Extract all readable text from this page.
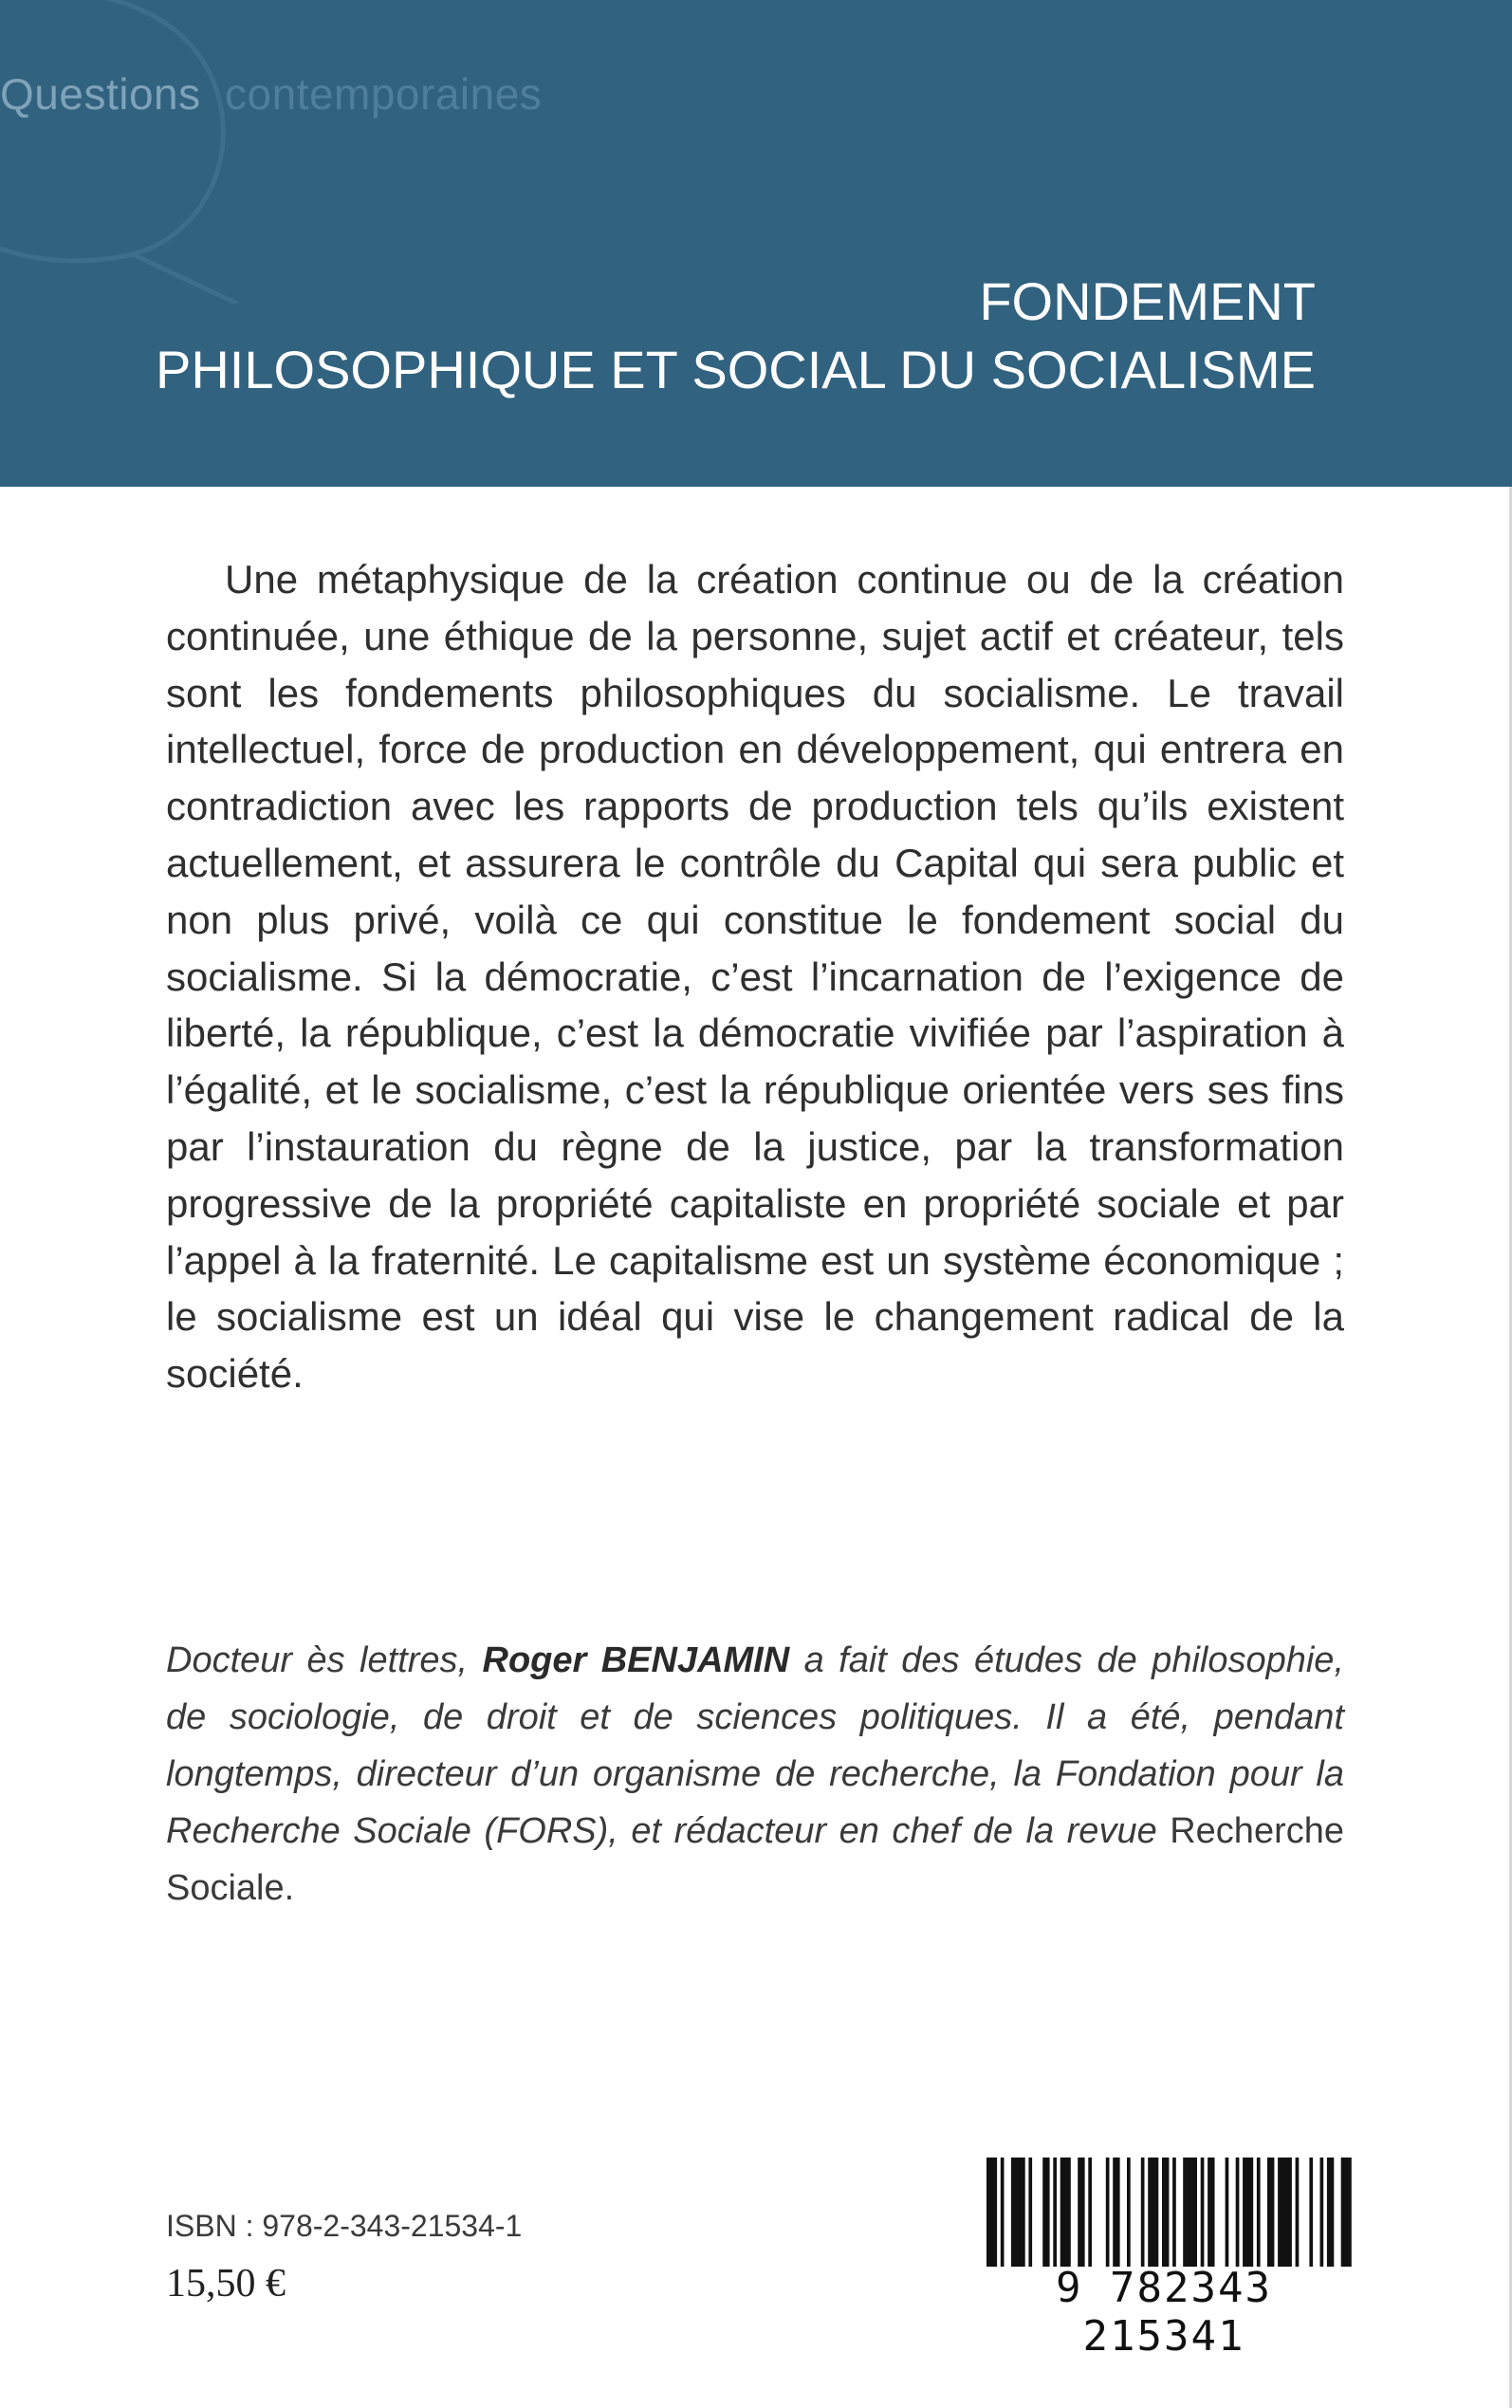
Questions contemporaines
FONDEMENT
PHILOSOPHIQUE ET SOCIAL DU SOCIALISME

Une métaphysique de la création continue ou de la création continuée, une éthique de la personne, sujet actif et créateur, tels sont les fondements philosophiques du socialisme. Le travail intellectuel, force de production en développement, qui entrera en contradiction avec les rapports de production tels qu’ils existent actuellement, et assurera le contrôle du Capital qui sera public et non plus privé, voilà ce qui constitue le fondement social du socialisme. Si la démocratie, c’est l’incarnation de l’exigence de liberté, la république, c’est la démocratie vivifiée par l’aspiration à l’égalité, et le socialisme, c’est la république orientée vers ses fins par l’instauration du règne de la justice, par la transformation progressive de la propriété capitaliste en propriété sociale et par l’appel à la fraternité. Le capitalisme est un système économique ; le socialisme est un idéal qui vise le changement radical de la société.

Docteur ès lettres, Roger BENJAMIN a fait des études de philosophie, de sociologie, de droit et de sciences politiques. Il a été, pendant longtemps, directeur d’un organisme de recherche, la Fondation pour la Recherche Sociale (FORS), et rédacteur en chef de la revue Recherche Sociale.

ISBN : 978-2-343-21534-1
15,50 €	9 782343 215341
